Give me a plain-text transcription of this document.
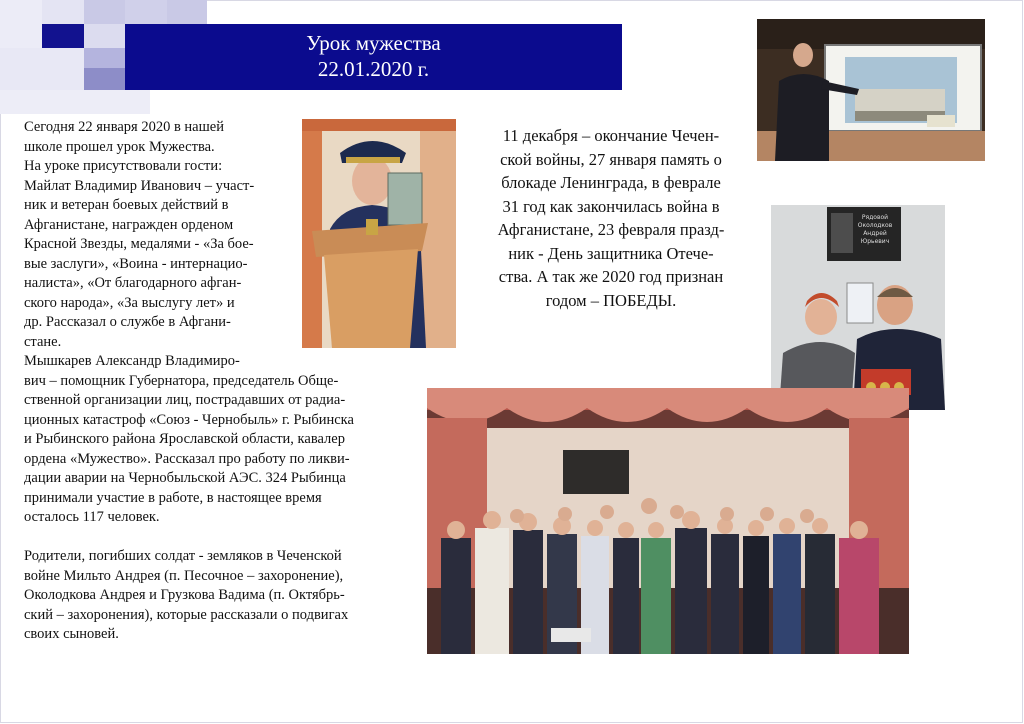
Урок мужества
22.01.2020 г.

Сегодня 22 января 2020 в нашей

школе прошел урок Мужества.

На уроке присутствовали гости:

Майлат Владимир Иванович – участ-

ник и ветеран боевых действий в

Афганистане, награжден орденом

Красной Звезды, медалями - «За бое-

вые заслуги», «Воина - интернацио-

налиста», «От благодарного афган-

ского народа», «За выслугу лет» и

др. Рассказал о службе в Афгани-

стане.

Мышкарев Александр Владимиро-

вич – помощник Губернатора, председатель Обще-

ственной организации лиц, пострадавших от радиа-

ционных катастроф «Союз - Чернобыль» г. Рыбинска

и Рыбинского района Ярославской области, кавалер

ордена «Мужество». Рассказал про работу по ликви-

дации аварии на Чернобыльской АЭС. 324 Рыбинца

принимали участие в работе, в настоящее время

осталось 117 человек.

Родители, погибших солдат - земляков в Чеченской

войне Мильто Андрея (п. Песочное – захоронение),

Околодкова Андрея и Грузкова Вадима (п. Октябрь-

ский – захоронения), которые рассказали о подвигах

своих сыновей.

11 декабря – окончание Чечен-

ской войны, 27 января память о

блокаде Ленинграда, в феврале

31 год как закончилась война в

Афганистане, 23 февраля празд-

ник - День защитника Отече-

ства. А так же 2020 год признан

годом – ПОБЕДЫ.

Рядовой
Околодков
Андрей
Юрьевич
